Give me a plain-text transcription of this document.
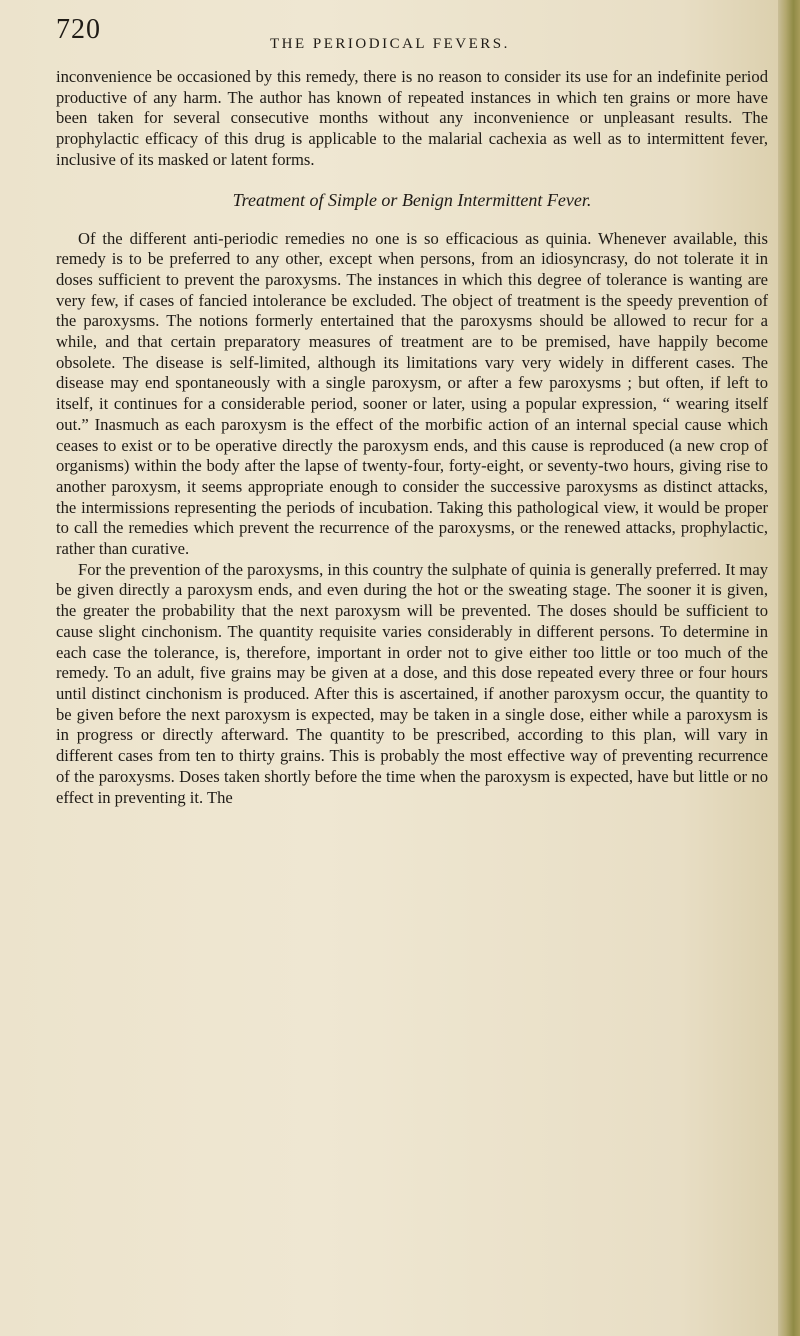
720	THE PERIODICAL FEVERS.

inconvenience be occasioned by this remedy, there is no reason to consider its use for an indefinite period productive of any harm. The author has known of repeated instances in which ten grains or more have been taken for several consecutive months without any inconvenience or unpleasant results. The prophylactic efficacy of this drug is applicable to the malarial cachexia as well as to intermittent fever, inclusive of its masked or latent forms.

Treatment of Simple or Benign Intermittent Fever.

Of the different anti-periodic remedies no one is so efficacious as quinia. Whenever available, this remedy is to be preferred to any other, except when persons, from an idiosyncrasy, do not tolerate it in doses sufficient to prevent the paroxysms. The instances in which this degree of tolerance is wanting are very few, if cases of fancied intolerance be excluded. The object of treatment is the speedy prevention of the paroxysms. The notions formerly entertained that the paroxysms should be allowed to recur for a while, and that certain preparatory measures of treatment are to be premised, have happily become obsolete. The disease is self-limited, although its limitations vary very widely in different cases. The disease may end spontaneously with a single paroxysm, or after a few paroxysms ; but often, if left to itself, it continues for a considerable period, sooner or later, using a popular expression, “ wearing itself out.” Inasmuch as each paroxysm is the effect of the morbific action of an internal special cause which ceases to exist or to be operative directly the paroxysm ends, and this cause is reproduced (a new crop of organisms) within the body after the lapse of twenty-four, forty-eight, or seventy-two hours, giving rise to another paroxysm, it seems appropriate enough to consider the successive paroxysms as distinct attacks, the intermissions representing the periods of incubation. Taking this pathological view, it would be proper to call the remedies which prevent the recurrence of the paroxysms, or the renewed attacks, prophylactic, rather than curative.

For the prevention of the paroxysms, in this country the sulphate of quinia is generally preferred. It may be given directly a paroxysm ends, and even during the hot or the sweating stage. The sooner it is given, the greater the probability that the next paroxysm will be prevented. The doses should be sufficient to cause slight cinchonism. The quantity requisite varies considerably in different persons. To determine in each case the tolerance, is, therefore, important in order not to give either too little or too much of the remedy. To an adult, five grains may be given at a dose, and this dose repeated every three or four hours until distinct cinchonism is produced. After this is ascertained, if another paroxysm occur, the quantity to be given before the next paroxysm is expected, may be taken in a single dose, either while a paroxysm is in progress or directly afterward. The quantity to be prescribed, according to this plan, will vary in different cases from ten to thirty grains. This is probably the most effective way of preventing recurrence of the paroxysms. Doses taken shortly before the time when the paroxysm is expected, have but little or no effect in preventing it. The
